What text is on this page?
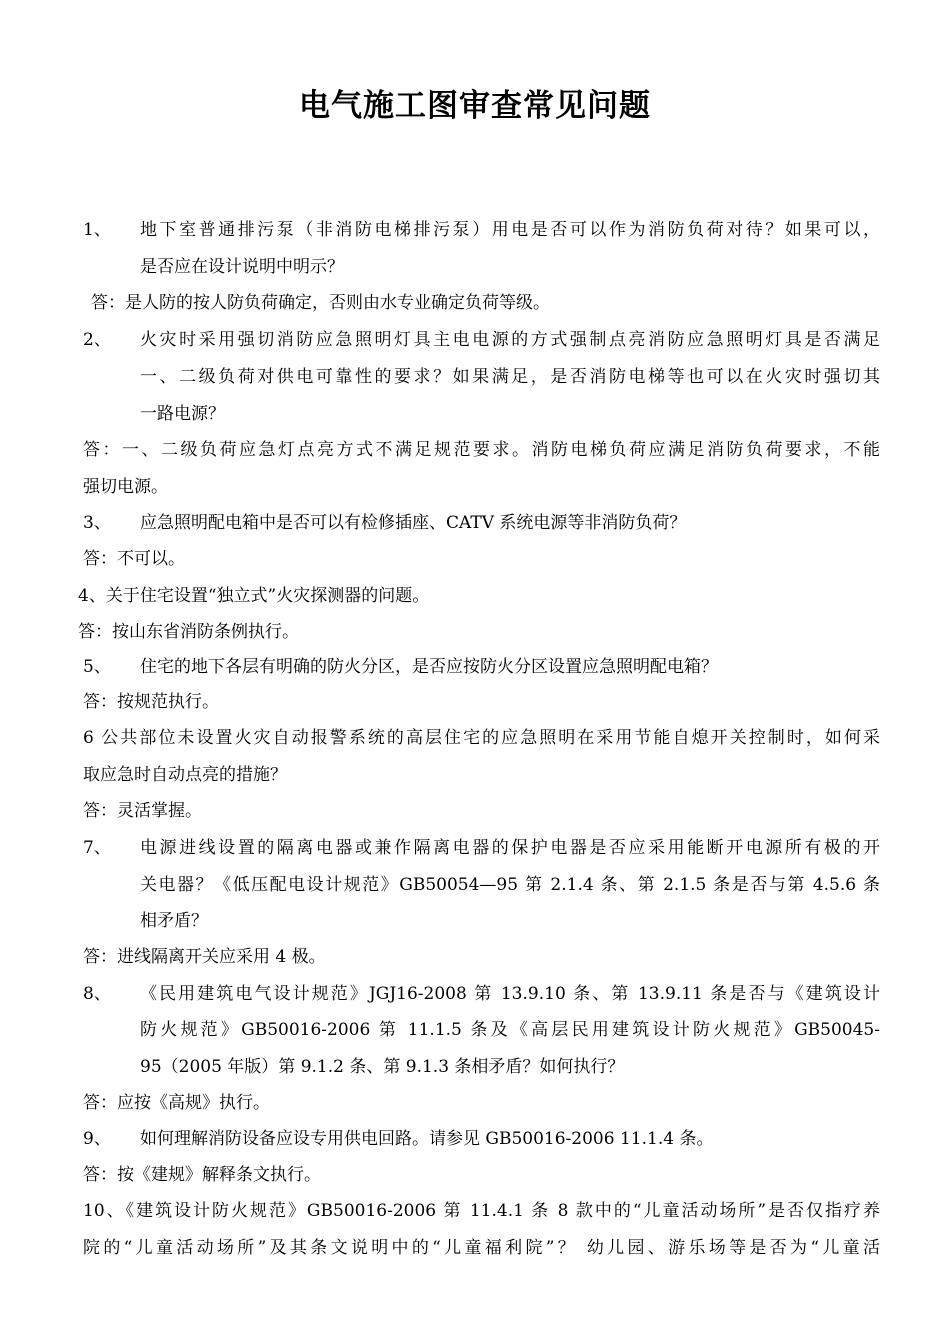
电气施工图审查常见问题
1、 地下室普通排污泵（非消防电梯排污泵）用电是否可以作为消防负荷对待？如果可以，
是否应在设计说明中明示？
答：是人防的按人防负荷确定，否则由水专业确定负荷等级。
2、 火灾时采用强切消防应急照明灯具主电电源的方式强制点亮消防应急照明灯具是否满足
一、二级负荷对供电可靠性的要求？如果满足，是否消防电梯等也可以在火灾时强切其
一路电源？
答：一、二级负荷应急灯点亮方式不满足规范要求。消防电梯负荷应满足消防负荷要求，不能
强切电源。
3、 应急照明配电箱中是否可以有检修插座、CATV 系统电源等非消防负荷？
答：不可以。
4、关于住宅设置“独立式”火灾探测器的问题。
答：按山东省消防条例执行。
5、 住宅的地下各层有明确的防火分区，是否应按防火分区设置应急照明配电箱？
答：按规范执行。
6 公共部位未设置火灾自动报警系统的高层住宅的应急照明在采用节能自熄开关控制时，如何采
取应急时自动点亮的措施？
答：灵活掌握。
7、 电源进线设置的隔离电器或兼作隔离电器的保护电器是否应采用能断开电源所有极的开
关电器？《低压配电设计规范》GB50054—95 第 2.1.4 条、第 2.1.5 条是否与第 4.5.6 条
相矛盾？
答：进线隔离开关应采用 4 极。
8、 《民用建筑电气设计规范》JGJ16-2008 第 13.9.10 条、第 13.9.11 条是否与《建筑设计
防火规范》GB50016-2006 第 11.1.5 条及《高层民用建筑设计防火规范》GB50045-
95（2005 年版）第 9.1.2 条、第 9.1.3 条相矛盾？如何执行？
答：应按《高规》执行。
9、 如何理解消防设备应设专用供电回路。请参见 GB50016-2006 11.1.4 条。
答：按《建规》解释条文执行。
10、《建筑设计防火规范》GB50016-2006 第 11.4.1 条 8 款中的“儿童活动场所”是否仅指疗养
院的“儿童活动场所”及其条文说明中的“儿童福利院”？ 幼儿园、游乐场等是否为“儿童活
